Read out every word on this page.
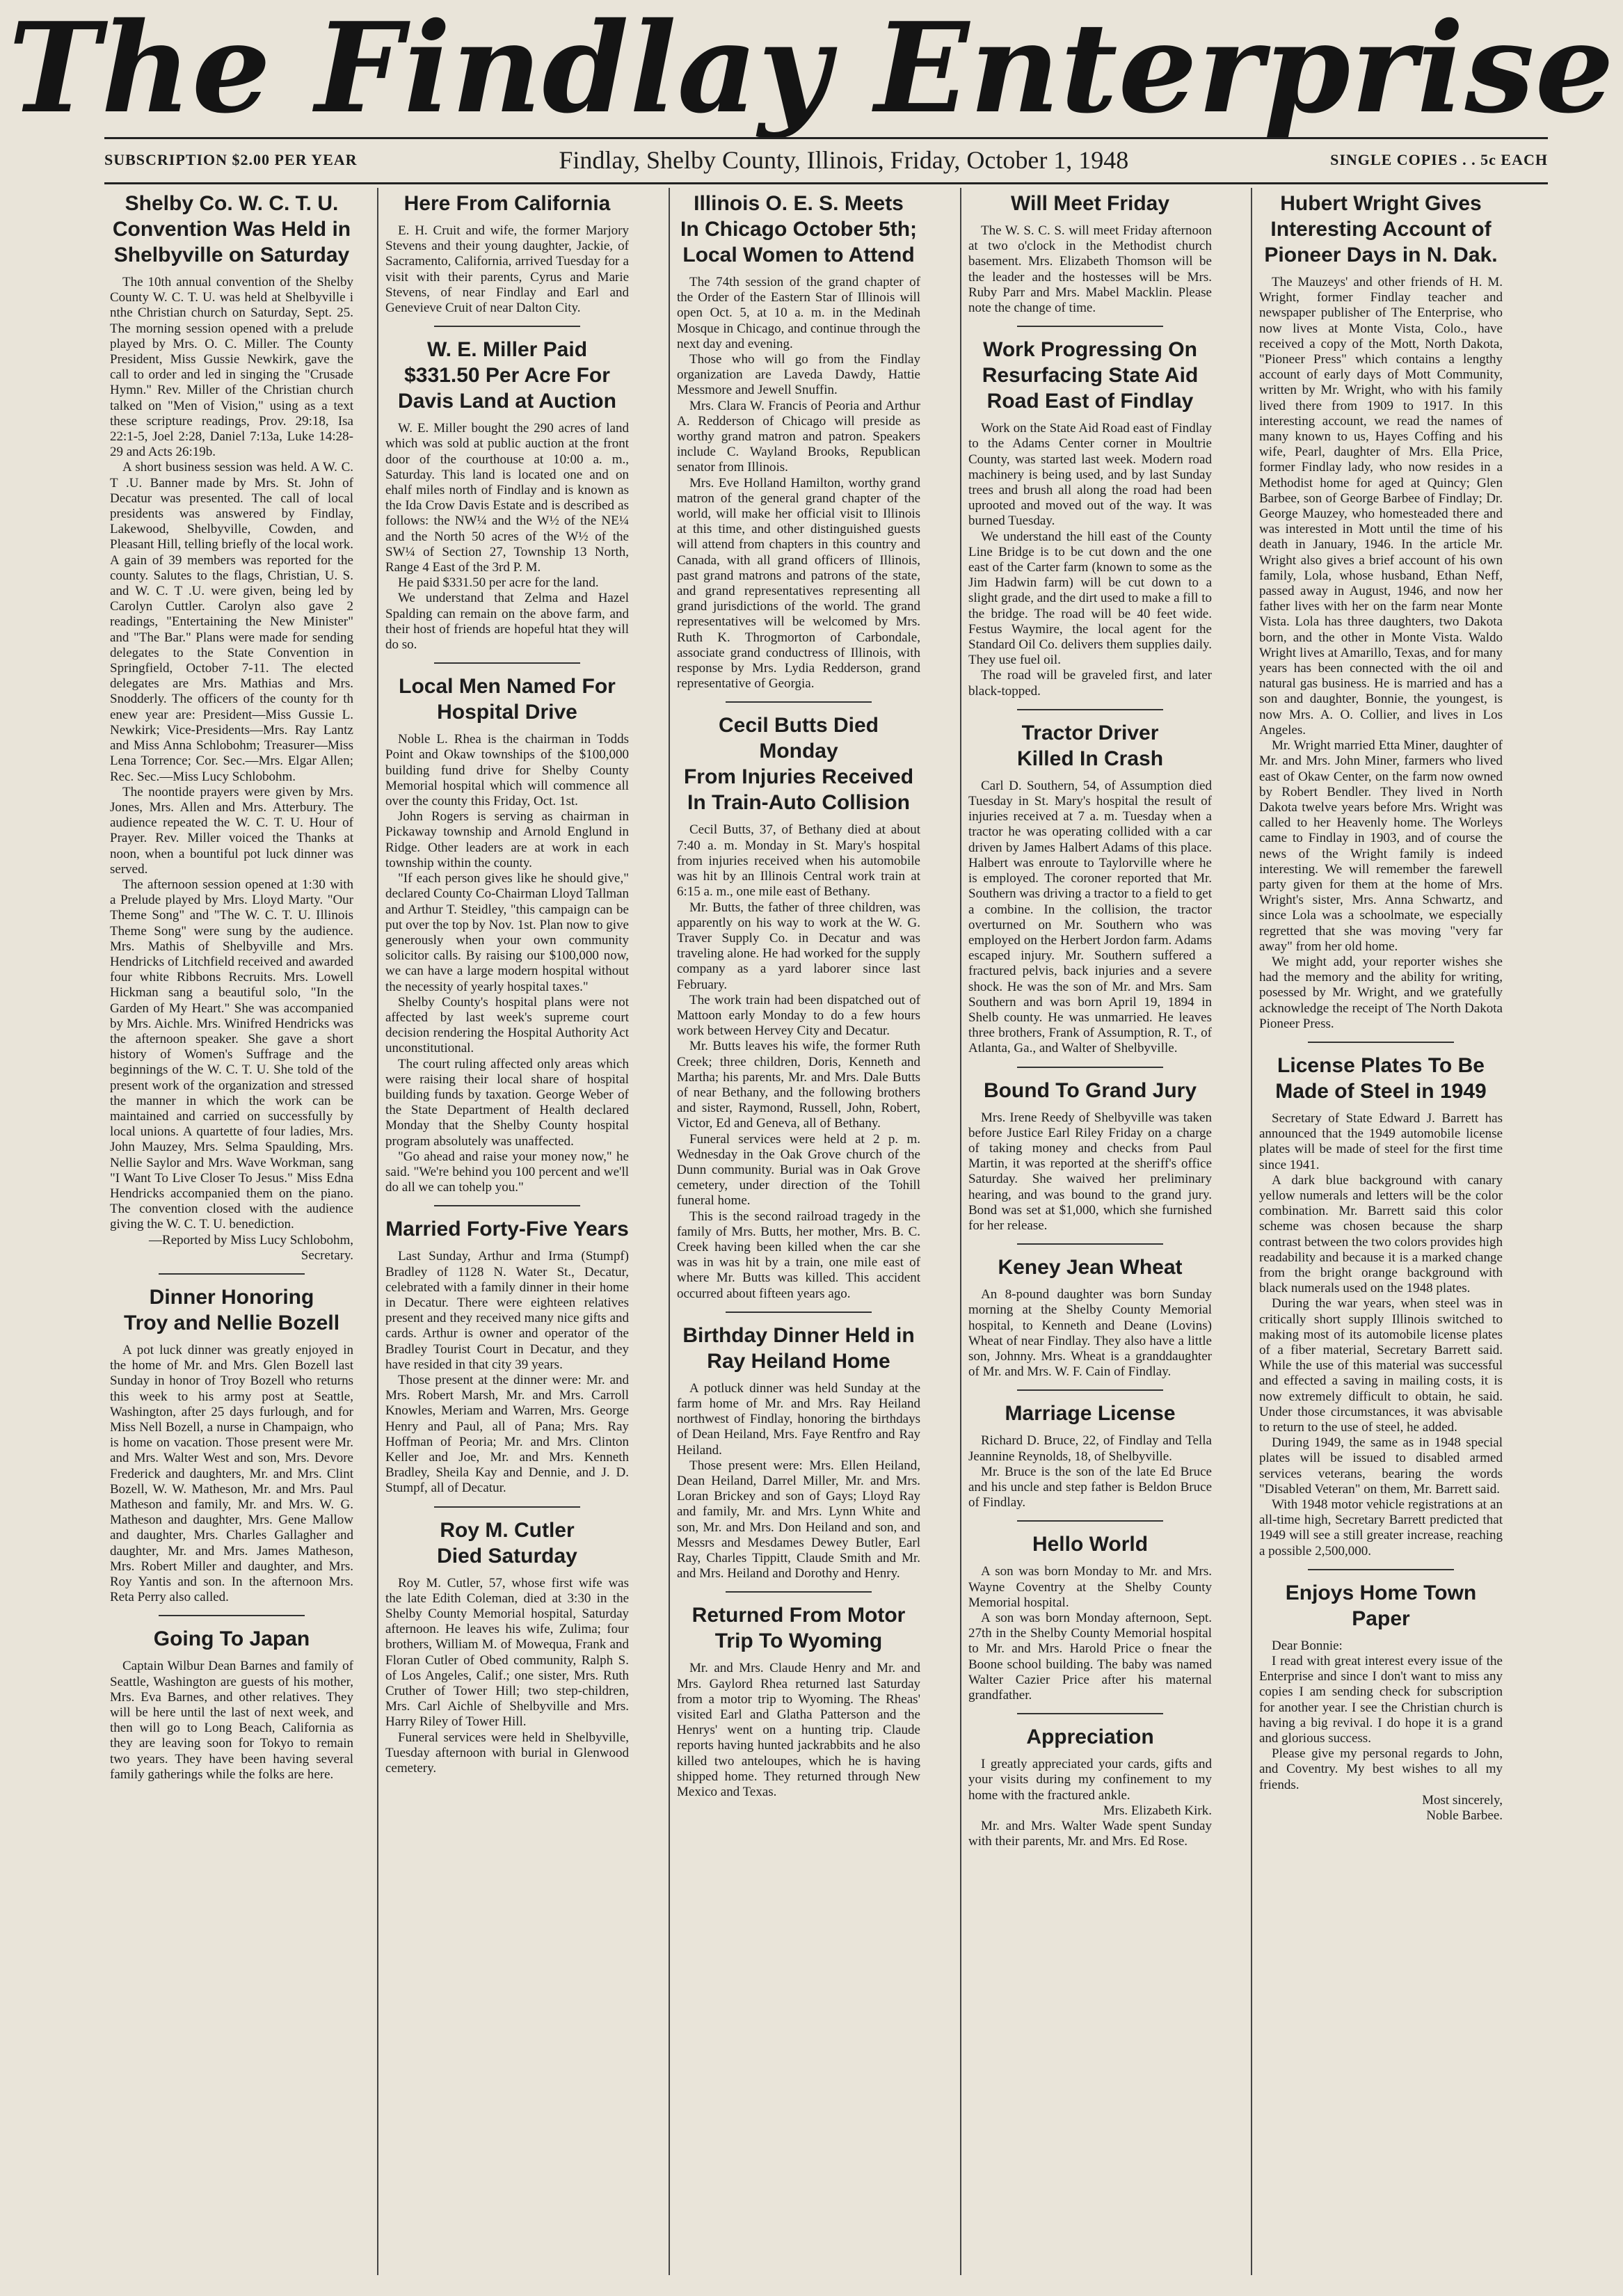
The Findlay Enterprise
SUBSCRIPTION $2.00 PER YEAR	Findlay, Shelby County, Illinois, Friday, October 1, 1948	SINGLE COPIES . . 5c EACH
Shelby Co. W. C. T. U.
Convention Was Held in
Shelbyville on Saturday

The 10th annual convention of the Shelby County W. C. T. U. was held at Shelbyville i nthe Christian church on Saturday, Sept. 25. The morning session opened with a prelude played by Mrs. O. C. Miller. The County President, Miss Gussie Newkirk, gave the call to order and led in singing the "Crusade Hymn." Rev. Miller of the Christian church talked on "Men of Vision," using as a text these scripture readings, Prov. 29:18, Isa 22:1-5, Joel 2:28, Daniel 7:13a, Luke 14:28-29 and Acts 26:19b.

A short business session was held. A W. C. T .U. Banner made by Mrs. St. John of Decatur was presented. The call of local presidents was answered by Findlay, Lakewood, Shelbyville, Cowden, and Pleasant Hill, telling briefly of the local work. A gain of 39 members was reported for the county. Salutes to the flags, Christian, U. S. and W. C. T .U. were given, being led by Carolyn Cuttler. Carolyn also gave 2 readings, "Entertaining the New Minister" and "The Bar." Plans were made for sending delegates to the State Convention in Springfield, October 7-11. The elected delegates are Mrs. Mathias and Mrs. Snodderly. The officers of the county for th enew year are: President—Miss Gussie L. Newkirk; Vice-Presidents—Mrs. Ray Lantz and Miss Anna Schlobohm; Treasurer—Miss Lena Torrence; Cor. Sec.—Mrs. Elgar Allen; Rec. Sec.—Miss Lucy Schlobohm.

The noontide prayers were given by Mrs. Jones, Mrs. Allen and Mrs. Atterbury. The audience repeated the W. C. T. U. Hour of Prayer. Rev. Miller voiced the Thanks at noon, when a bountiful pot luck dinner was served.

The afternoon session opened at 1:30 with a Prelude played by Mrs. Lloyd Marty. "Our Theme Song" and "The W. C. T. U. Illinois Theme Song" were sung by the audience. Mrs. Mathis of Shelbyville and Mrs. Hendricks of Litchfield received and awarded four white Ribbons Recruits. Mrs. Lowell Hickman sang a beautiful solo, "In the Garden of My Heart." She was accompanied by Mrs. Aichle. Mrs. Winifred Hendricks was the afternoon speaker. She gave a short history of Women's Suffrage and the beginnings of the W. C. T. U. She told of the present work of the organization and stressed the manner in which the work can be maintained and carried on successfully by local unions. A quartette of four ladies, Mrs. John Mauzey, Mrs. Selma Spaulding, Mrs. Nellie Saylor and Mrs. Wave Workman, sang "I Want To Live Closer To Jesus." Miss Edna Hendricks accompanied them on the piano. The convention closed with the audience giving the W. C. T. U. benediction.

—Reported by Miss Lucy Schlobohm, Secretary.

Dinner Honoring
Troy and Nellie Bozell

A pot luck dinner was greatly enjoyed in the home of Mr. and Mrs. Glen Bozell last Sunday in honor of Troy Bozell who returns this week to his army post at Seattle, Washington, after 25 days furlough, and for Miss Nell Bozell, a nurse in Champaign, who is home on vacation. Those present were Mr. and Mrs. Walter West and son, Mrs. Devore Frederick and daughters, Mr. and Mrs. Clint Bozell, W. W. Matheson, Mr. and Mrs. Paul Matheson and family, Mr. and Mrs. W. G. Matheson and daughter, Mrs. Gene Mallow and daughter, Mrs. Charles Gallagher and daughter, Mr. and Mrs. James Matheson, Mrs. Robert Miller and daughter, and Mrs. Roy Yantis and son. In the afternoon Mrs. Reta Perry also called.

Going To Japan

Captain Wilbur Dean Barnes and family of Seattle, Washington are guests of his mother, Mrs. Eva Barnes, and other relatives. They will be here until the last of next week, and then will go to Long Beach, California as they are leaving soon for Tokyo to remain two years. They have been having several family gatherings while the folks are here.

Here From California

E. H. Cruit and wife, the former Marjory Stevens and their young daughter, Jackie, of Sacramento, California, arrived Tuesday for a visit with their parents, Cyrus and Marie Stevens, of near Findlay and Earl and Genevieve Cruit of near Dalton City.

W. E. Miller Paid
$331.50 Per Acre For
Davis Land at Auction

W. E. Miller bought the 290 acres of land which was sold at public auction at the front door of the courthouse at 10:00 a. m., Saturday. This land is located one and on ehalf miles north of Findlay and is known as the Ida Crow Davis Estate and is described as follows: the NW¼ and the W½ of the NE¼ and the North 50 acres of the W½ of the SW¼ of Section 27, Township 13 North, Range 4 East of the 3rd P. M.

He paid $331.50 per acre for the land.

We understand that Zelma and Hazel Spalding can remain on the above farm, and their host of friends are hopeful htat they will do so.

Local Men Named For
Hospital Drive

Noble L. Rhea is the chairman in Todds Point and Okaw townships of the $100,000 building fund drive for Shelby County Memorial hospital which will commence all over the county this Friday, Oct. 1st.

John Rogers is serving as chairman in Pickaway township and Arnold Englund in Ridge. Other leaders are at work in each township within the county.

"If each person gives like he should give," declared County Co-Chairman Lloyd Tallman and Arthur T. Steidley, "this campaign can be put over the top by Nov. 1st. Plan now to give generously when your own community solicitor calls. By raising our $100,000 now, we can have a large modern hospital without the necessity of yearly hospital taxes."

Shelby County's hospital plans were not affected by last week's supreme court decision rendering the Hospital Authority Act unconstitutional.

The court ruling affected only areas which were raising their local share of hospital building funds by taxation. George Weber of the State Department of Health declared Monday that the Shelby County hospital program absolutely was unaffected.

"Go ahead and raise your money now," he said. "We're behind you 100 percent and we'll do all we can tohelp you."

Married Forty-Five Years

Last Sunday, Arthur and Irma (Stumpf) Bradley of 1128 N. Water St., Decatur, celebrated with a family dinner in their home in Decatur. There were eighteen relatives present and they received many nice gifts and cards. Arthur is owner and operator of the Bradley Tourist Court in Decatur, and they have resided in that city 39 years.

Those present at the dinner were: Mr. and Mrs. Robert Marsh, Mr. and Mrs. Carroll Knowles, Meriam and Warren, Mrs. George Henry and Paul, all of Pana; Mrs. Ray Hoffman of Peoria; Mr. and Mrs. Clinton Keller and Joe, Mr. and Mrs. Kenneth Bradley, Sheila Kay and Dennie, and J. D. Stumpf, all of Decatur.

Roy M. Cutler
Died Saturday

Roy M. Cutler, 57, whose first wife was the late Edith Coleman, died at 3:30 in the Shelby County Memorial hospital, Saturday afternoon. He leaves his wife, Zulima; four brothers, William M. of Mowequa, Frank and Floran Cutler of Obed community, Ralph S. of Los Angeles, Calif.; one sister, Mrs. Ruth Cruther of Tower Hill; two step-children, Mrs. Carl Aichle of Shelbyville and Mrs. Harry Riley of Tower Hill.

Funeral services were held in Shelbyville, Tuesday afternoon with burial in Glenwood cemetery.

Illinois O. E. S. Meets
In Chicago October 5th;
Local Women to Attend

The 74th session of the grand chapter of the Order of the Eastern Star of Illinois will open Oct. 5, at 10 a. m. in the Medinah Mosque in Chicago, and continue through the next day and evening.

Those who will go from the Findlay organization are Laveda Dawdy, Hattie Messmore and Jewell Snuffin.

Mrs. Clara W. Francis of Peoria and Arthur A. Redderson of Chicago will preside as worthy grand matron and patron. Speakers include C. Wayland Brooks, Republican senator from Illinois.

Mrs. Eve Holland Hamilton, worthy grand matron of the general grand chapter of the world, will make her official visit to Illinois at this time, and other distinguished guests will attend from chapters in this country and Canada, with all grand officers of Illinois, past grand matrons and patrons of the state, and grand representatives representing all grand jurisdictions of the world. The grand representatives will be welcomed by Mrs. Ruth K. Throgmorton of Carbondale, associate grand conductress of Illinois, with response by Mrs. Lydia Redderson, grand representative of Georgia.

Cecil Butts Died Monday
From Injuries Received
In Train-Auto Collision

Cecil Butts, 37, of Bethany died at about 7:40 a. m. Monday in St. Mary's hospital from injuries received when his automobile was hit by an Illinois Central work train at 6:15 a. m., one mile east of Bethany.

Mr. Butts, the father of three children, was apparently on his way to work at the W. G. Traver Supply Co. in Decatur and was traveling alone. He had worked for the supply company as a yard laborer since last February.

The work train had been dispatched out of Mattoon early Monday to do a few hours work between Hervey City and Decatur.

Mr. Butts leaves his wife, the former Ruth Creek; three children, Doris, Kenneth and Martha; his parents, Mr. and Mrs. Dale Butts of near Bethany, and the following brothers and sister, Raymond, Russell, John, Robert, Victor, Ed and Geneva, all of Bethany.

Funeral services were held at 2 p. m. Wednesday in the Oak Grove church of the Dunn community. Burial was in Oak Grove cemetery, under direction of the Tohill funeral home.

This is the second railroad tragedy in the family of Mrs. Butts, her mother, Mrs. B. C. Creek having been killed when the car she was in was hit by a train, one mile east of where Mr. Butts was killed. This accident occurred about fifteen years ago.

Birthday Dinner Held in
Ray Heiland Home

A potluck dinner was held Sunday at the farm home of Mr. and Mrs. Ray Heiland northwest of Findlay, honoring the birthdays of Dean Heiland, Mrs. Faye Rentfro and Ray Heiland.

Those present were: Mrs. Ellen Heiland, Dean Heiland, Darrel Miller, Mr. and Mrs. Loran Brickey and son of Gays; Lloyd Ray and family, Mr. and Mrs. Lynn White and son, Mr. and Mrs. Don Heiland and son, and Messrs and Mesdames Dewey Butler, Earl Ray, Charles Tippitt, Claude Smith and Mr. and Mrs. Heiland and Dorothy and Henry.

Returned From Motor
Trip To Wyoming

Mr. and Mrs. Claude Henry and Mr. and Mrs. Gaylord Rhea returned last Saturday from a motor trip to Wyoming. The Rheas' visited Earl and Glatha Patterson and the Henrys' went on a hunting trip. Claude reports having hunted jackrabbits and he also killed two anteloupes, which he is having shipped home. They returned through New Mexico and Texas.

Will Meet Friday

The W. S. C. S. will meet Friday afternoon at two o'clock in the Methodist church basement. Mrs. Elizabeth Thomson will be the leader and the hostesses will be Mrs. Ruby Parr and Mrs. Mabel Macklin. Please note the change of time.

Work Progressing On
Resurfacing State Aid
Road East of Findlay

Work on the State Aid Road east of Findlay to the Adams Center corner in Moultrie County, was started last week. Modern road machinery is being used, and by last Sunday trees and brush all along the road had been uprooted and moved out of the way. It was burned Tuesday.

We understand the hill east of the County Line Bridge is to be cut down and the one east of the Carter farm (known to some as the Jim Hadwin farm) will be cut down to a slight grade, and the dirt used to make a fill to the bridge. The road will be 40 feet wide. Festus Waymire, the local agent for the Standard Oil Co. delivers them supplies daily. They use fuel oil.

The road will be graveled first, and later black-topped.

Tractor Driver
Killed In Crash

Carl D. Southern, 54, of Assumption died Tuesday in St. Mary's hospital the result of injuries received at 7 a. m. Tuesday when a tractor he was operating collided with a car driven by James Halbert Adams of this place. Halbert was enroute to Taylorville where he is employed. The coroner reported that Mr. Southern was driving a tractor to a field to get a combine. In the collision, the tractor overturned on Mr. Southern who was employed on the Herbert Jordon farm. Adams escaped injury. Mr. Southern suffered a fractured pelvis, back injuries and a severe shock. He was the son of Mr. and Mrs. Sam Southern and was born April 19, 1894 in Shelb county. He was unmarried. He leaves three brothers, Frank of Assumption, R. T., of Atlanta, Ga., and Walter of Shelbyville.

Bound To Grand Jury

Mrs. Irene Reedy of Shelbyville was taken before Justice Earl Riley Friday on a charge of taking money and checks from Paul Martin, it was reported at the sheriff's office Saturday. She waived her preliminary hearing, and was bound to the grand jury. Bond was set at $1,000, which she furnished for her release.

Keney Jean Wheat

An 8-pound daughter was born Sunday morning at the Shelby County Memorial hospital, to Kenneth and Deane (Lovins) Wheat of near Findlay. They also have a little son, Johnny. Mrs. Wheat is a granddaughter of Mr. and Mrs. W. F. Cain of Findlay.

Marriage License

Richard D. Bruce, 22, of Findlay and Tella Jeannine Reynolds, 18, of Shelbyville.

Mr. Bruce is the son of the late Ed Bruce and his uncle and step father is Beldon Bruce of Findlay.

Hello World

A son was born Monday to Mr. and Mrs. Wayne Coventry at the Shelby County Memorial hospital.

A son was born Monday afternoon, Sept. 27th in the Shelby County Memorial hospital to Mr. and Mrs. Harold Price o fnear the Boone school building. The baby was named Walter Cazier Price after his maternal grandfather.

Appreciation

I greatly appreciated your cards, gifts and your visits during my confinement to my home with the fractured ankle.

Mrs. Elizabeth Kirk.

Mr. and Mrs. Walter Wade spent Sunday with their parents, Mr. and Mrs. Ed Rose.

Hubert Wright Gives
Interesting Account of
Pioneer Days in N. Dak.

The Mauzeys' and other friends of H. M. Wright, former Findlay teacher and newspaper publisher of The Enterprise, who now lives at Monte Vista, Colo., have received a copy of the Mott, North Dakota, "Pioneer Press" which contains a lengthy account of early days of Mott Community, written by Mr. Wright, who with his family lived there from 1909 to 1917. In this interesting account, we read the names of many known to us, Hayes Coffing and his wife, Pearl, daughter of Mrs. Ella Price, former Findlay lady, who now resides in a Methodist home for aged at Quincy; Glen Barbee, son of George Barbee of Findlay; Dr. George Mauzey, who homesteaded there and was interested in Mott until the time of his death in January, 1946. In the article Mr. Wright also gives a brief account of his own family, Lola, whose husband, Ethan Neff, passed away in August, 1946, and now her father lives with her on the farm near Monte Vista. Lola has three daughters, two Dakota born, and the other in Monte Vista. Waldo Wright lives at Amarillo, Texas, and for many years has been connected with the oil and natural gas business. He is married and has a son and daughter, Bonnie, the youngest, is now Mrs. A. O. Collier, and lives in Los Angeles.

Mr. Wright married Etta Miner, daughter of Mr. and Mrs. John Miner, farmers who lived east of Okaw Center, on the farm now owned by Robert Bendler. They lived in North Dakota twelve years before Mrs. Wright was called to her Heavenly home. The Worleys came to Findlay in 1903, and of course the news of the Wright family is indeed interesting. We will remember the farewell party given for them at the home of Mrs. Wright's sister, Mrs. Anna Schwartz, and since Lola was a schoolmate, we especially regretted that she was moving "very far away" from her old home.

We might add, your reporter wishes she had the memory and the ability for writing, posessed by Mr. Wright, and we gratefully acknowledge the receipt of The North Dakota Pioneer Press.

License Plates To Be
Made of Steel in 1949

Secretary of State Edward J. Barrett has announced that the 1949 automobile license plates will be made of steel for the first time since 1941.

A dark blue background with canary yellow numerals and letters will be the color combination. Mr. Barrett said this color scheme was chosen because the sharp contrast between the two colors provides high readability and because it is a marked change from the bright orange background with black numerals used on the 1948 plates.

During the war years, when steel was in critically short supply Illinois switched to making most of its automobile license plates of a fiber material, Secretary Barrett said. While the use of this material was successful and effected a saving in mailing costs, it is now extremely difficult to obtain, he said. Under those circumstances, it was abvisable to return to the use of steel, he added.

During 1949, the same as in 1948 special plates will be issued to disabled armed services veterans, bearing the words "Disabled Veteran" on them, Mr. Barrett said.

With 1948 motor vehicle registrations at an all-time high, Secretary Barrett predicted that 1949 will see a still greater increase, reaching a possible 2,500,000.

Enjoys Home Town Paper

Dear Bonnie:

I read with great interest every issue of the Enterprise and since I don't want to miss any copies I am sending check for subscription for another year. I see the Christian church is having a big revival. I do hope it is a grand and glorious success.

Please give my personal regards to John, and Coventry. My best wishes to all my friends.

Most sincerely,

Noble Barbee.
